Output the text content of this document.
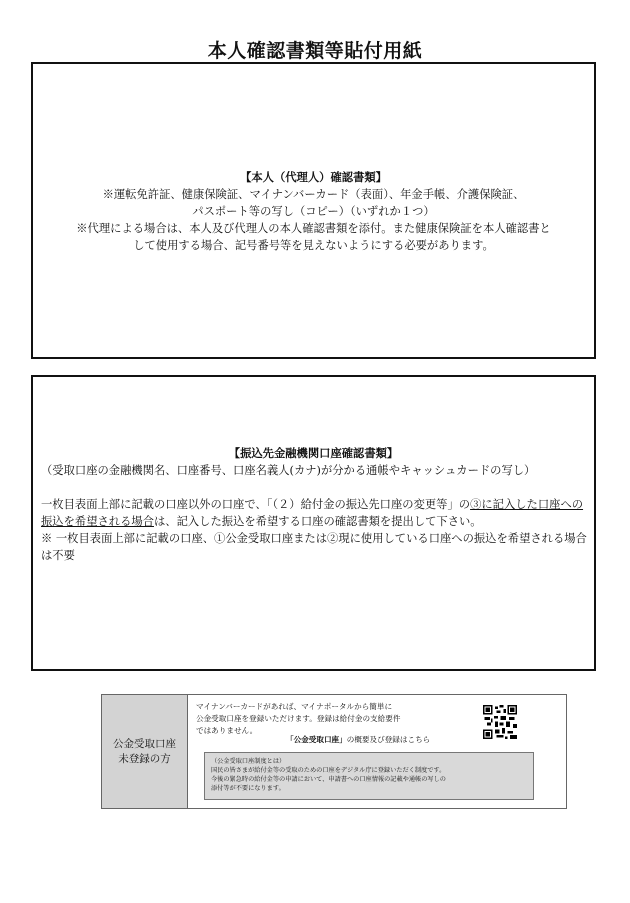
本人確認書類等貼付用紙
【本人（代理人）確認書類】
※運転免許証、健康保険証、マイナンバーカード（表面）、年金手帳、介護保険証、
パスポート等の写し（コピー）（いずれか１つ）
※代理による場合は、本人及び代理人の本人確認書類を添付。また健康保険証を本人確認書と
して使用する場合、記号番号等を見えないようにする必要があります。
【振込先金融機関口座確認書類】

（受取口座の金融機関名、口座番号、口座名義人(カナ)が分かる通帳やキャッシュカードの写し）

一枚目表面上部に記載の口座以外の口座で、「（２）給付金の振込先口座の変更等」の③に記入した口座への振込を希望される場合は、記入した振込を希望する口座の確認書類を提出して下さい。

※ 一枚目表面上部に記載の口座、①公金受取口座または②現に使用している口座への振込を希望される場合は不要

公金受取口座
未登録の方
マイナンバーカードがあれば、マイナポータルから簡単に
公金受取口座を登録いただけます。登録は給付金の支給要件
ではありません。
「公金受取口座」の概要及び登録はこちら
（公金受取口座制度とは）
国民の皆さまが給付金等の受取のための口座をデジタル庁に登録いただく制度です。
今後の緊急時の給付金等の申請において、申請書への口座情報の記載や通帳の写しの
添付等が不要になります。
